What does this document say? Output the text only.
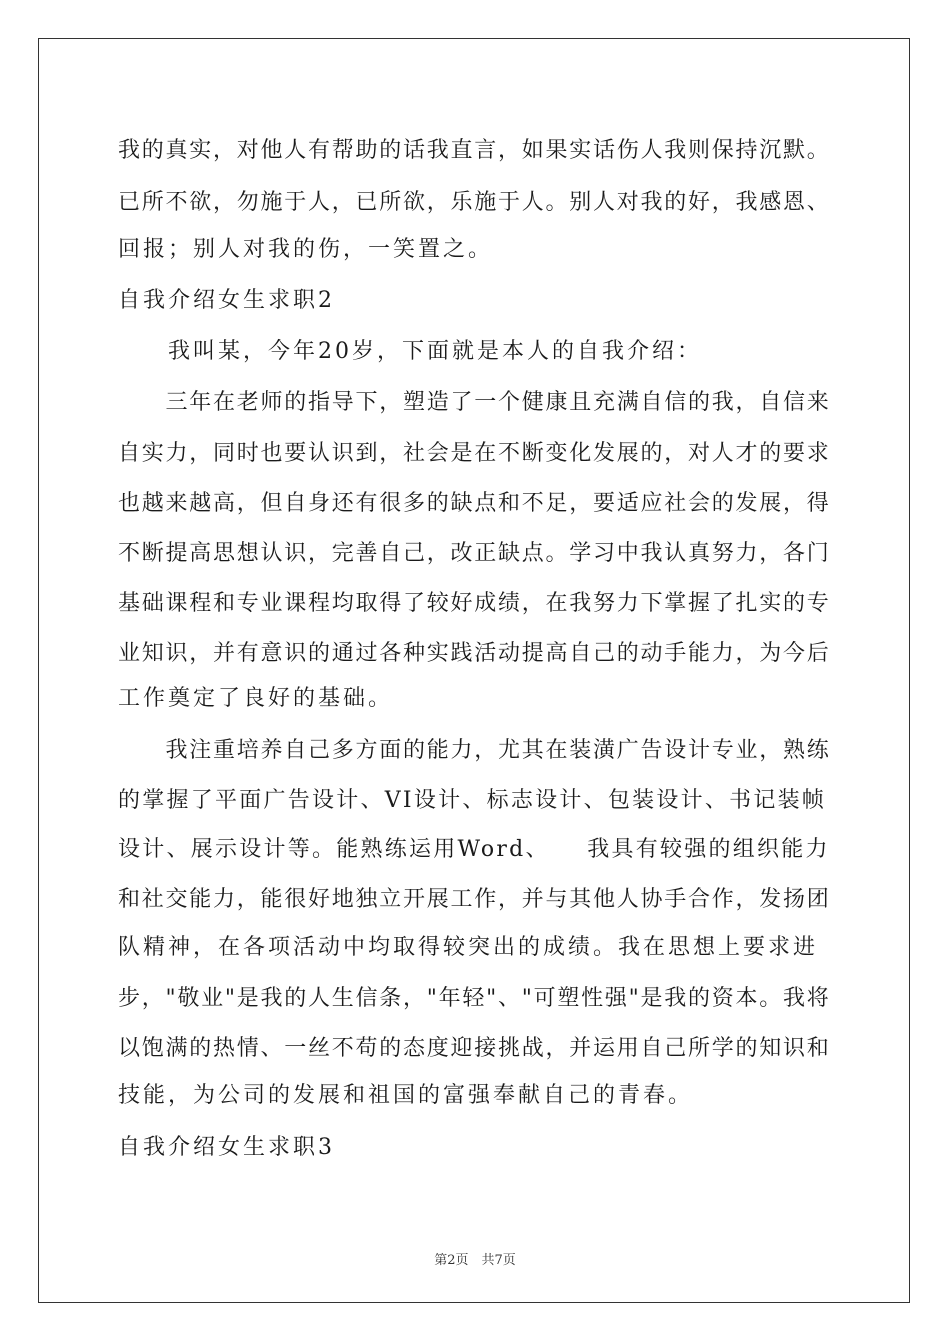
我的真实，对他人有帮助的话我直言，如果实话伤人我则保持沉默。
已所不欲，勿施于人，已所欲，乐施于人。别人对我的好，我感恩、
回报；别人对我的伤，一笑置之。
自我介绍女生求职2
　　我叫某，今年20岁，下面就是本人的自我介绍：
　　三年在老师的指导下，塑造了一个健康且充满自信的我，自信来
自实力，同时也要认识到，社会是在不断变化发展的，对人才的要求
也越来越高，但自身还有很多的缺点和不足，要适应社会的发展，得
不断提高思想认识，完善自己，改正缺点。学习中我认真努力，各门
基础课程和专业课程均取得了较好成绩，在我努力下掌握了扎实的专
业知识，并有意识的通过各种实践活动提高自己的动手能力，为今后
工作奠定了良好的基础。
　　我注重培养自己多方面的能力，尤其在装潢广告设计专业，熟练
的掌握了平面广告设计、VI设计、标志设计、包装设计、书记装帧
设计、展示设计等。能熟练运用Word、　　我具有较强的组织能力
和社交能力，能很好地独立开展工作，并与其他人协手合作，发扬团
队精神，在各项活动中均取得较突出的成绩。我在思想上要求进
步，"敬业"是我的人生信条，"年轻"、"可塑性强"是我的资本。我将
以饱满的热情、一丝不苟的态度迎接挑战，并运用自己所学的知识和
技能，为公司的发展和祖国的富强奉献自己的青春。
自我介绍女生求职3
第2页　共7页
